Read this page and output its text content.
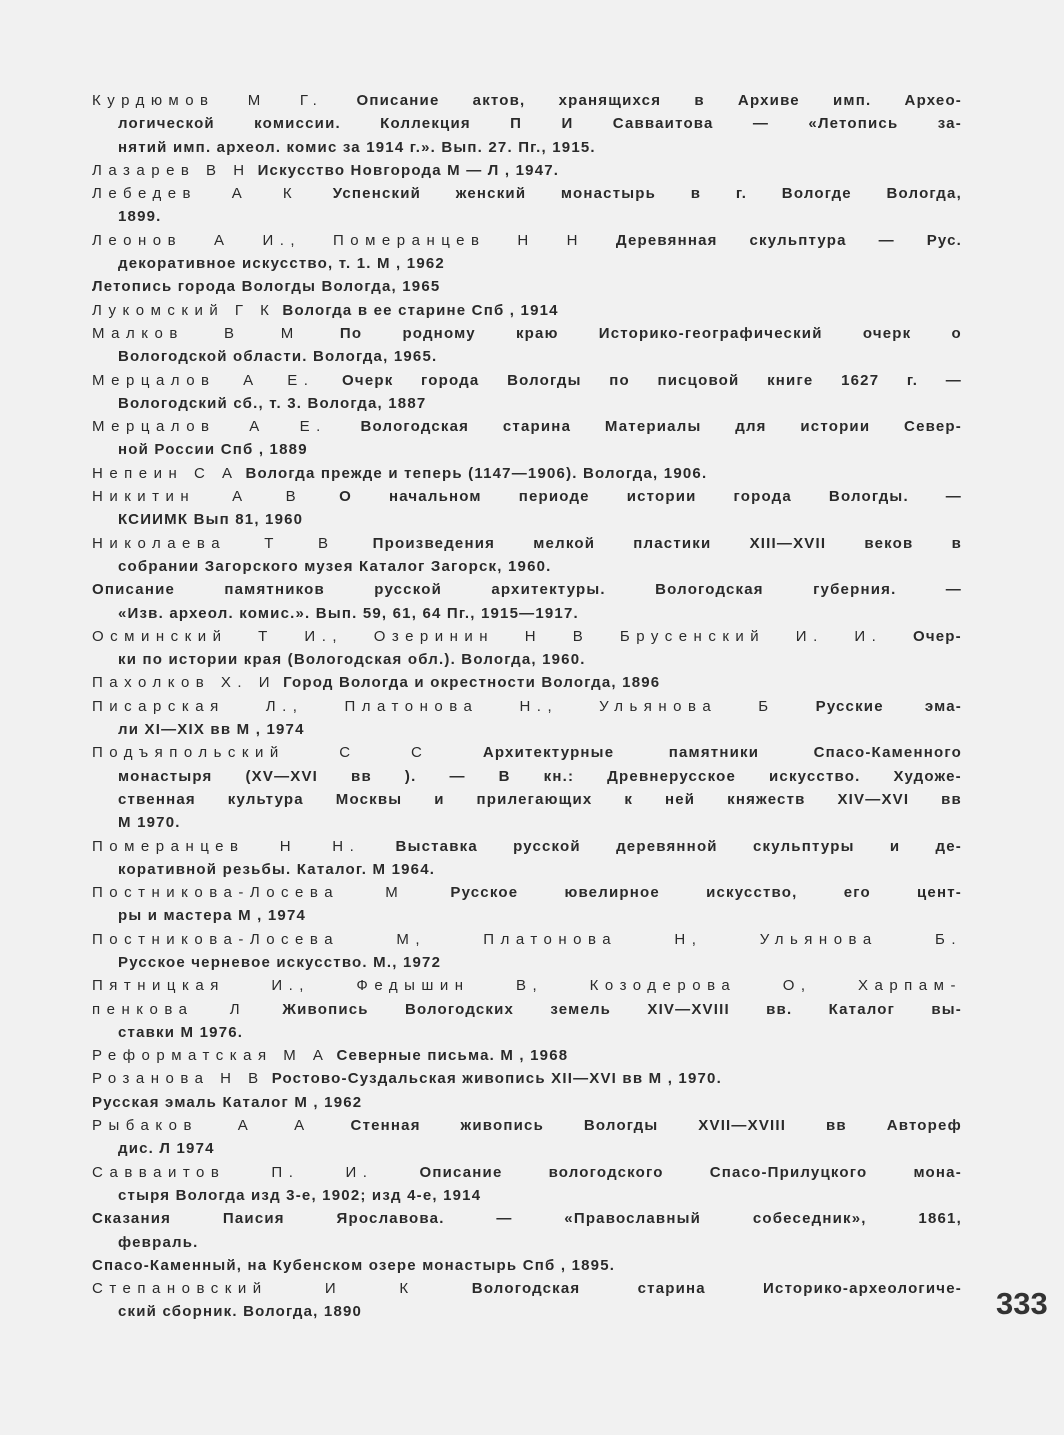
Курдюмов М Г. Описание актов, хранящихся в Архиве имп. Архео-
логической	комиссии.	Коллекция	П	И	Савваитова	—	«Летопись	за-
нятий имп. археол. комис за 1914 г.». Вып. 27. Пг., 1915.
Лазарев В Н Искусство Новгорода М — Л , 1947.
Лебедев А К Успенский женский монастырь в г. Вологде Вологда,
1899.
Леонов А И., Померанцев Н Н Деревянная скульптура — Рус.
декоративное искусство, т. 1. М , 1962
Летопись города Вологды Вологда, 1965
Лукомский Г К Вологда в ее старине Спб , 1914
Малков	В	М	По	родному	краю	Историко-географический	очерк	о
Вологодской области. Вологда, 1965.
Мерцалов А Е. Очерк города Вологды по писцовой книге 1627 г. —
Вологодский сб., т. 3. Вологда, 1887
Мерцалов А Е. Вологодская старина Материалы для истории Север-
ной России Спб , 1889
Непеин С А Вологда прежде и теперь (1147—1906). Вологда, 1906.
Никитин А В О начальном периоде истории города Вологды. —
КСИИМК Вып 81, 1960
Николаева	Т	В	Произведения	мелкой	пластики	XIII—XVII	веков	в
собрании Загорского музея Каталог Загорск, 1960.
Описание	памятников	русской	архитектуры.	Вологодская	губерния.	—
«Изв. археол. комис.». Вып. 59, 61, 64 Пг., 1915—1917.
Осминский Т И., Озеринин Н В Брусенский И. И. Очер-
ки по истории края (Вологодская обл.). Вологда, 1960.
Пахолков Х. И Город Вологда и окрестности Вологда, 1896
Писарская	Л.,	Платонова	Н.,	Ульянова	Б	Русские	эма-
ли XI—XIX вв М , 1974
Подъяпольский	С	С	Архитектурные	памятники	Спасо-Каменного
монастыря (XV—XVI вв ). — В кн.: Древнерусское искусство. Художе-
ственная культура Москвы и прилегающих к ней княжеств XIV—XVI вв
М 1970.
Померанцев Н Н. Выставка русской деревянной скульптуры и де-
коративной резьбы. Каталог. М 1964.
Постникова-Лосева	М	Русское	ювелирное	искусство,	его	цент-
ры и мастера М , 1974
Постникова-Лосева	М,	Платонова	Н,	Ульянова	Б.
Русское черневое искусство. М., 1972
Пятницкая	И.,	Федышин	В,	Козодерова	О,	Харпам-
пенкова Л Живопись Вологодских земель XIV—XVIII вв. Каталог вы-
ставки М 1976.
Реформатская М А Северные письма. М , 1968
Розанова Н В Ростово-Суздальская живопись XII—XVI вв М , 1970.
Русская эмаль Каталог М , 1962
Рыбаков	А	А	Стенная	живопись	Вологды	XVII—XVIII	вв	Автореф
дис. Л 1974
Савваитов	П.	И.	Описание	вологодского	Спасо-Прилуцкого	мона-
стыря Вологда изд 3-е, 1902; изд 4-е, 1914
Сказания	Паисия	Ярославова.	—	«Православный	собеседник»,	1861,
февраль.
Спасо-Каменный, на Кубенском озере монастырь Спб , 1895.
Степановский	И	К	Вологодская	старина	Историко-археологиче-
ский сборник. Вологда, 1890	333
